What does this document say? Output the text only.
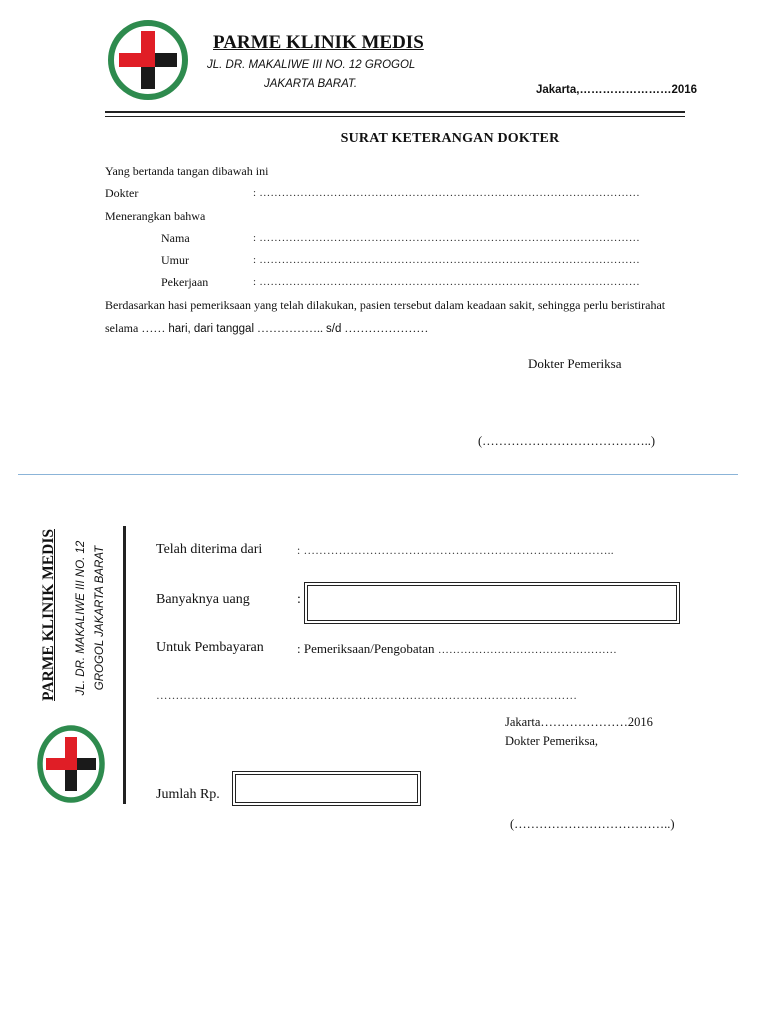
PARME KLINIK MEDIS
JL. DR. MAKALIWE III NO. 12 GROGOL
JAKARTA BARAT.	Jakarta,……………………2016
SURAT KETERANGAN DOKTER
Yang bertanda tangan dibawah ini
Dokter	: …………………………………………………………………………………………
Menerangkan bahwa
Nama	: …………………………………………………………………………………………
Umur	: …………………………………………………………………………………………
Pekerjaan	: …………………………………………………………………………………………
Berdasarkan hasi pemeriksaan yang telah dilakukan, pasien tersebut dalam keadaan sakit, sehingga perlu beristirahat
selama …… hari, dari tanggal …………….. s/d …………………
Dokter Pemeriksa
(…………………………………..)
PARME KLINIK MEDIS JL. DR. MAKALIWE III NO. 12 GROGOL JAKARTA BARAT	Telah diterima dari	: ……………………………………………………………………..
Banyaknya uang	:
Untuk Pembayaran	: Pemeriksaan/Pengobatan …………………………………………
………………………………………………………………………………………………
Jakarta…………………2016
Dokter Pemeriksa,
Jumlah Rp.
(………………………………..)
